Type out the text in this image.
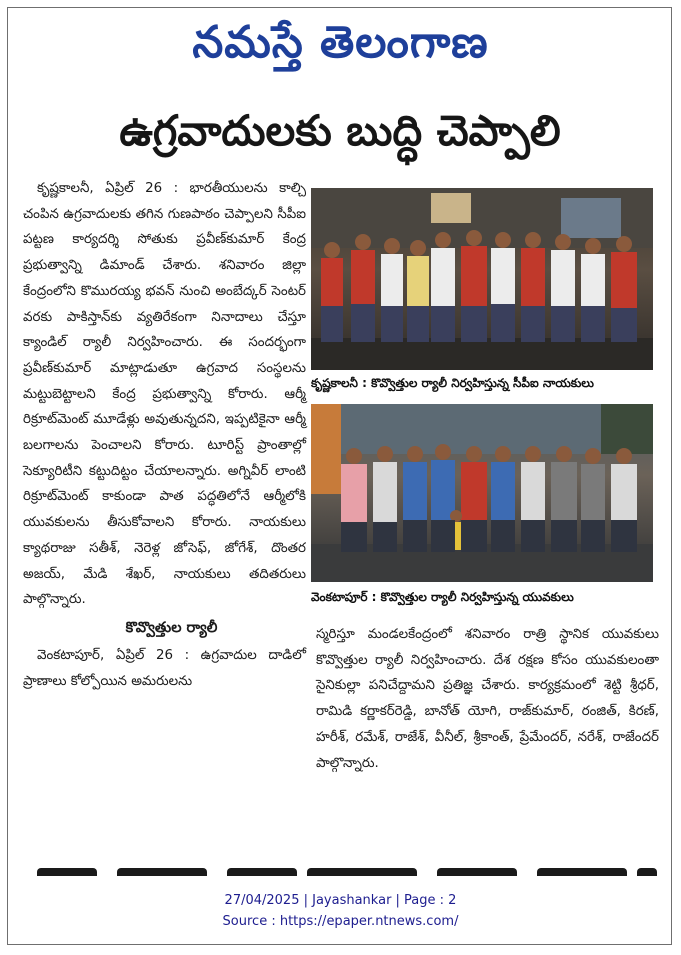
నమస్తే తెలంగాణ
ఉగ్రవాదులకు బుద్ధి చెప్పాలి

కృష్ణకాలనీ, ఏప్రిల్ 26 : భారతీయులను కాల్చి చంపిన ఉగ్రవాదులకు తగిన గుణపాఠం చెప్పాలని సీపీఐ పట్టణ కార్యదర్శి సోతుకు ప్రవీణ్‌కుమార్ కేంద్ర ప్రభుత్వాన్ని డిమాండ్ చేశారు. శనివారం జిల్లా కేంద్రంలోని కొమురయ్య భవన్ నుంచి అంబేద్కర్ సెంటర్ వరకు పాకిస్తాన్‌కు వ్యతిరేకంగా నినాదాలు చేస్తూ క్యాండిల్ ర్యాలీ నిర్వహించారు. ఈ సందర్భంగా ప్రవీణ్‌కుమార్ మాట్లాడుతూ ఉగ్రవాద సంస్థలను మట్టుబెట్టాలని కేంద్ర ప్రభుత్వాన్ని కోరారు. ఆర్మీ రిక్రూట్‌మెంట్ మూడేళ్లు అవుతున్నదని, ఇప్పటికైనా ఆర్మీ బలగాలను పెంచాలని కోరారు. టూరిస్ట్ ప్రాంతాల్లో సెక్యూరిటీని కట్టుదిట్టం చేయాలన్నారు. అగ్నివీర్ లాంటి రిక్రూట్‌మెంట్ కాకుండా పాత పద్ధతిలోనే ఆర్మీలోకి యువకులను తీసుకోవాలని కోరారు. నాయకులు క్యాథరాజు సతీశ్, నెరెళ్ల జోసెఫ్, జోగేశ్, దొంతర అజయ్, మేడి శేఖర్, నాయకులు తదితరులు పాల్గొన్నారు.

కొవ్వొత్తుల ర్యాలీ

వెంకటాపూర్, ఏప్రిల్ 26 : ఉగ్రవాదుల దాడిలో ప్రాణాలు కోల్పోయిన అమరులను

కృష్ణకాలనీ : కొవ్వొత్తుల ర్యాలీ నిర్వహిస్తున్న సీపీఐ నాయకులు
వెంకటాపూర్ : కొవ్వొత్తుల ర్యాలీ నిర్వహిస్తున్న యువకులు

స్మరిస్తూ మండలకేంద్రంలో శనివారం రాత్రి స్థానిక యువకులు కొవ్వొత్తుల ర్యాలీ నిర్వహించారు. దేశ రక్షణ కోసం యువకులంతా సైనికుల్లా పనిచేద్దామని ప్రతిజ్ఞ చేశారు. కార్యక్రమంలో శెట్టి శ్రీధర్, రామిడి కర్ణాకర్‌రెడ్డి, బానోత్ యోగి, రాజ్‌కుమార్, రంజిత్, కిరణ్, హరీశ్, రమేశ్, రాజేశ్, వీనీల్, శ్రీకాంత్, ప్రేమేందర్, నరేశ్, రాజేందర్ పాల్గొన్నారు.

27/04/2025 | Jayashankar | Page : 2
Source : https://epaper.ntnews.com/
